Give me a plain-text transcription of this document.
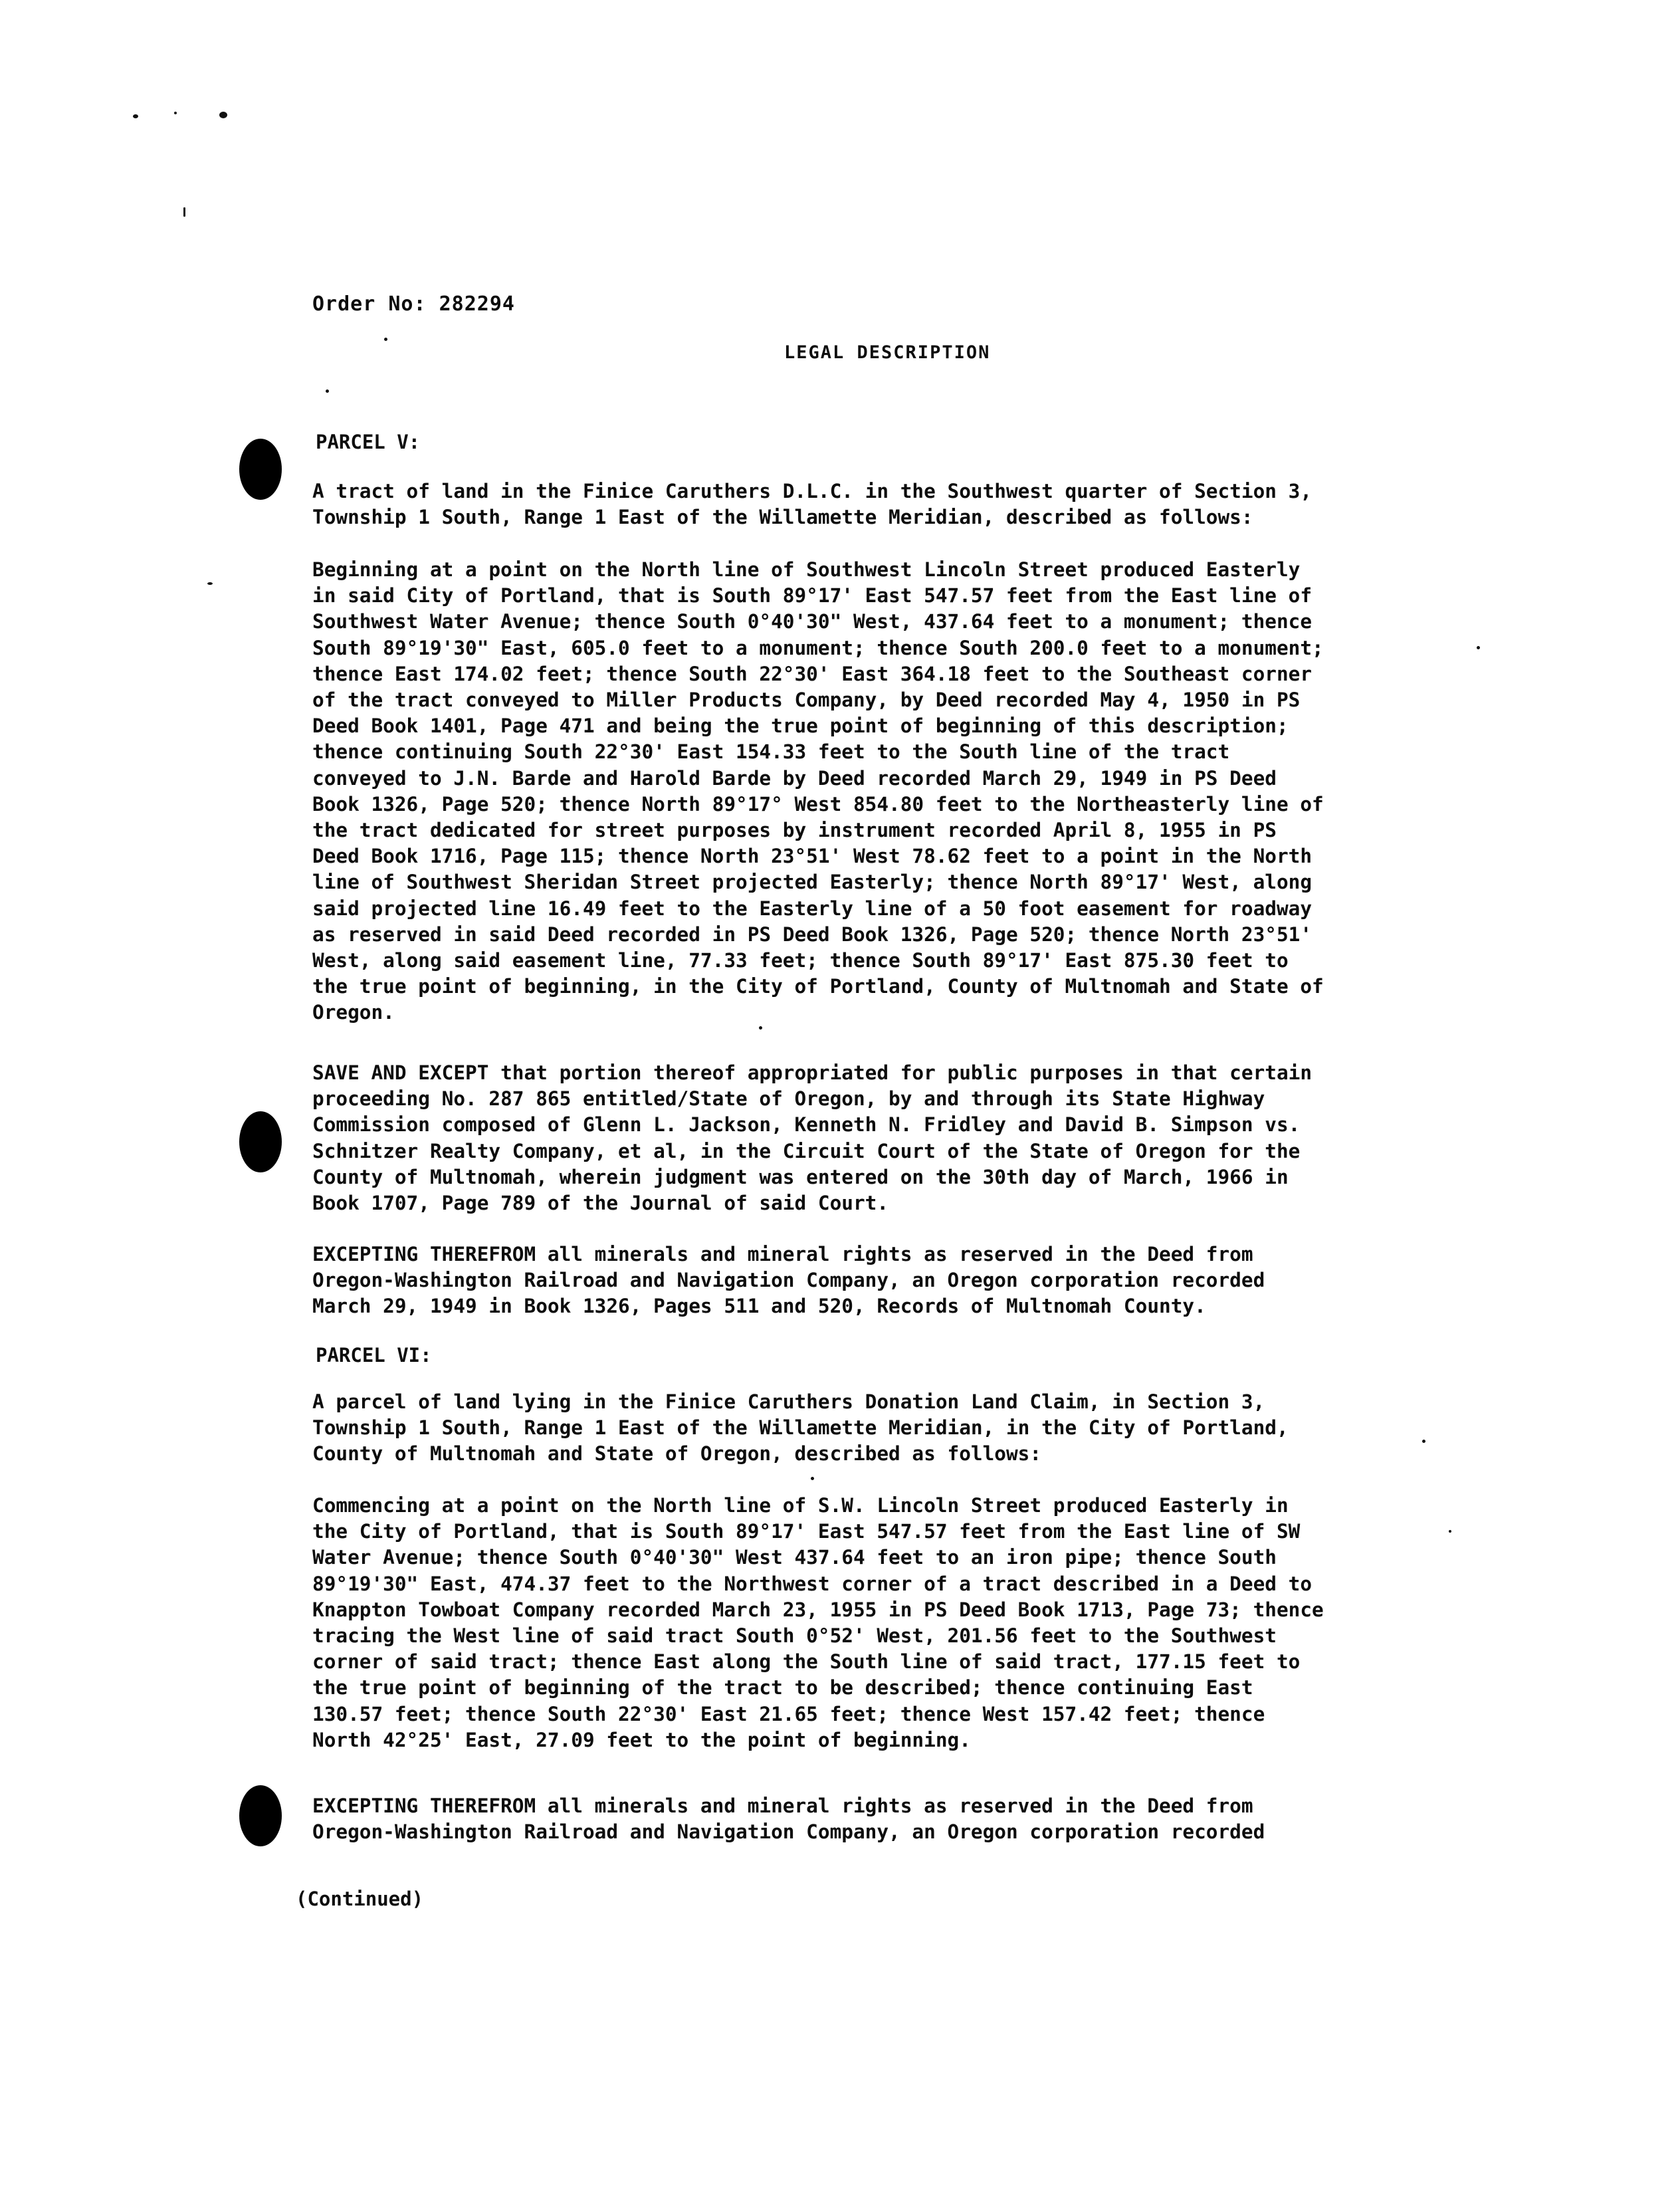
Order No: 282294
LEGAL DESCRIPTION
PARCEL V:
A tract of land in the Finice Caruthers D.L.C. in the Southwest quarter of Section 3,
Township 1 South, Range 1 East of the Willamette Meridian, described as follows:
Beginning at a point on the North line of Southwest Lincoln Street produced Easterly
in said City of Portland, that is South 89°17' East 547.57 feet from the East line of
Southwest Water Avenue; thence South 0°40'30" West, 437.64 feet to a monument; thence
South 89°19'30" East, 605.0 feet to a monument; thence South 200.0 feet to a monument;
thence East 174.02 feet; thence South 22°30' East 364.18 feet to the Southeast corner
of the tract conveyed to Miller Products Company, by Deed recorded May 4, 1950 in PS
Deed Book 1401, Page 471 and being the true point of beginning of this description;
thence continuing South 22°30' East 154.33 feet to the South line of the tract
conveyed to J.N. Barde and Harold Barde by Deed recorded March 29, 1949 in PS Deed
Book 1326, Page 520; thence North 89°17° West 854.80 feet to the Northeasterly line of
the tract dedicated for street purposes by instrument recorded April 8, 1955 in PS
Deed Book 1716, Page 115; thence North 23°51' West 78.62 feet to a point in the North
line of Southwest Sheridan Street projected Easterly; thence North 89°17' West, along
said projected line 16.49 feet to the Easterly line of a 50 foot easement for roadway
as reserved in said Deed recorded in PS Deed Book 1326, Page 520; thence North 23°51'
West, along said easement line, 77.33 feet; thence South 89°17' East 875.30 feet to
the true point of beginning, in the City of Portland, County of Multnomah and State of
Oregon.
SAVE AND EXCEPT that portion thereof appropriated for public purposes in that certain
proceeding No. 287 865 entitled/State of Oregon, by and through its State Highway
Commission composed of Glenn L. Jackson, Kenneth N. Fridley and David B. Simpson vs.
Schnitzer Realty Company, et al, in the Circuit Court of the State of Oregon for the
County of Multnomah, wherein judgment was entered on the 30th day of March, 1966 in
Book 1707, Page 789 of the Journal of said Court.
EXCEPTING THEREFROM all minerals and mineral rights as reserved in the Deed from
Oregon-Washington Railroad and Navigation Company, an Oregon corporation recorded
March 29, 1949 in Book 1326, Pages 511 and 520, Records of Multnomah County.
PARCEL VI:
A parcel of land lying in the Finice Caruthers Donation Land Claim, in Section 3,
Township 1 South, Range 1 East of the Willamette Meridian, in the City of Portland,
County of Multnomah and State of Oregon, described as follows:
Commencing at a point on the North line of S.W. Lincoln Street produced Easterly in
the City of Portland, that is South 89°17' East 547.57 feet from the East line of SW
Water Avenue; thence South 0°40'30" West 437.64 feet to an iron pipe; thence South
89°19'30" East, 474.37 feet to the Northwest corner of a tract described in a Deed to
Knappton Towboat Company recorded March 23, 1955 in PS Deed Book 1713, Page 73; thence
tracing the West line of said tract South 0°52' West, 201.56 feet to the Southwest
corner of said tract; thence East along the South line of said tract, 177.15 feet to
the true point of beginning of the tract to be described; thence continuing East
130.57 feet; thence South 22°30' East 21.65 feet; thence West 157.42 feet; thence
North 42°25' East, 27.09 feet to the point of beginning.
EXCEPTING THEREFROM all minerals and mineral rights as reserved in the Deed from
Oregon-Washington Railroad and Navigation Company, an Oregon corporation recorded
(Continued)
